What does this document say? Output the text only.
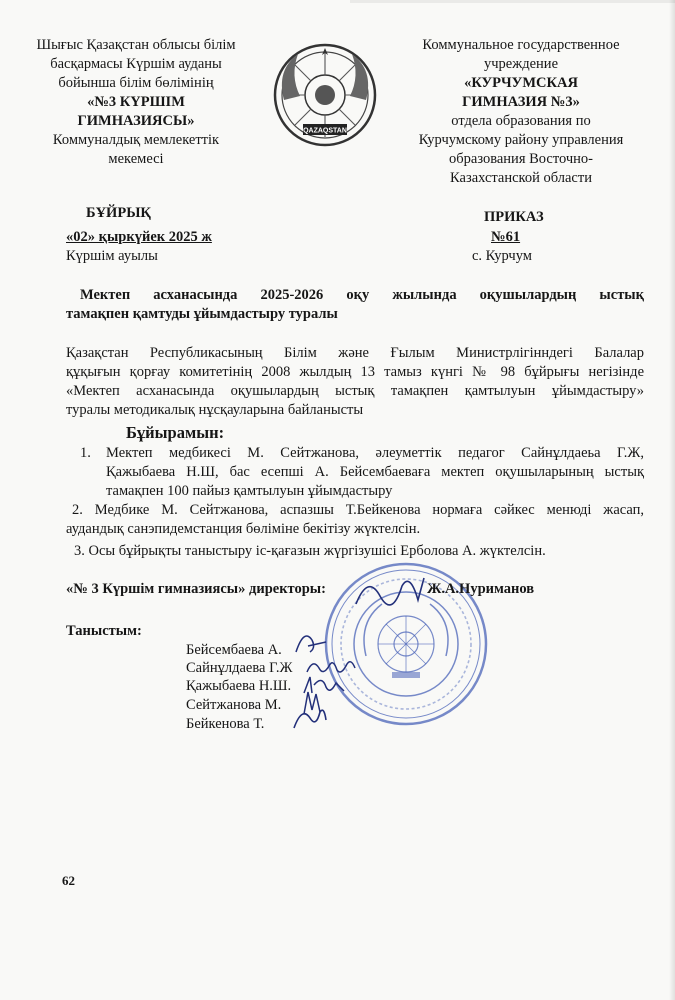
Шығыс Қазақстан облысы білім
басқармасы Күршім ауданы
бойынша білім бөлімінің
«№3 КҮРШІМ
ГИМНАЗИЯСЫ»
Коммуналдық мемлекеттік
мекемесі
QAZAQSTAN
Коммунальное государственное
учреждение
«КУРЧУМСКАЯ
ГИМНАЗИЯ №3»
отдела образования по
Курчумскому району управления
образования Восточно-
Казахстанской области
БҰЙРЫҚ
«02» қыркүйек 2025 ж
Күршім ауылы
ПРИКАЗ
№61
с. Курчум
Мектеп асханасында 2025-2026 оқу жылында оқушылардың ыстық
тамақпен қамтуды ұйымдастыру туралы
Қазақстан Республикасының Білім және Ғылым Министрлігінндегі Балалар
құқығын қорғау комитетінің 2008 жылдың 13 тамыз күнгі № 98 бұйрығы негізінде
«Мектеп асханасында оқушылардың ыстық тамақпен қамтылуын ұйымдастыру»
туралы методикалық нұсқауларына байланысты
Бұйырамын:
1. Мектеп медбикесі М. Сейтжанова, әлеуметтік педагог Сайнұлдаеьа Г.Ж,
Қажыбаева Н.Ш, бас есепші А. Бейсембаеваға мектеп оқушыларының ыстық
тамақпен 100 пайыз қамтылуын ұйымдастыру
2. Медбике М. Сейтжанова, аспазшы Т.Бейкенова нормаға сәйкес менюді жасап,
аудандық санэпидемстанция бөліміне бекітізу жүктелсін.
3. Осы бұйрықты таныстыру іс-қағазын жүргізушісі Ерболова А. жүктелсін.
«№ 3 Күршім гимназиясы» директоры:	Ж.А.Нуриманов
Таныстым:
Бейсембаева А.
Сайнұлдаева Г.Ж
Қажыбаева Н.Ш.
Сейтжанова М.
Бейкенова Т.
62
